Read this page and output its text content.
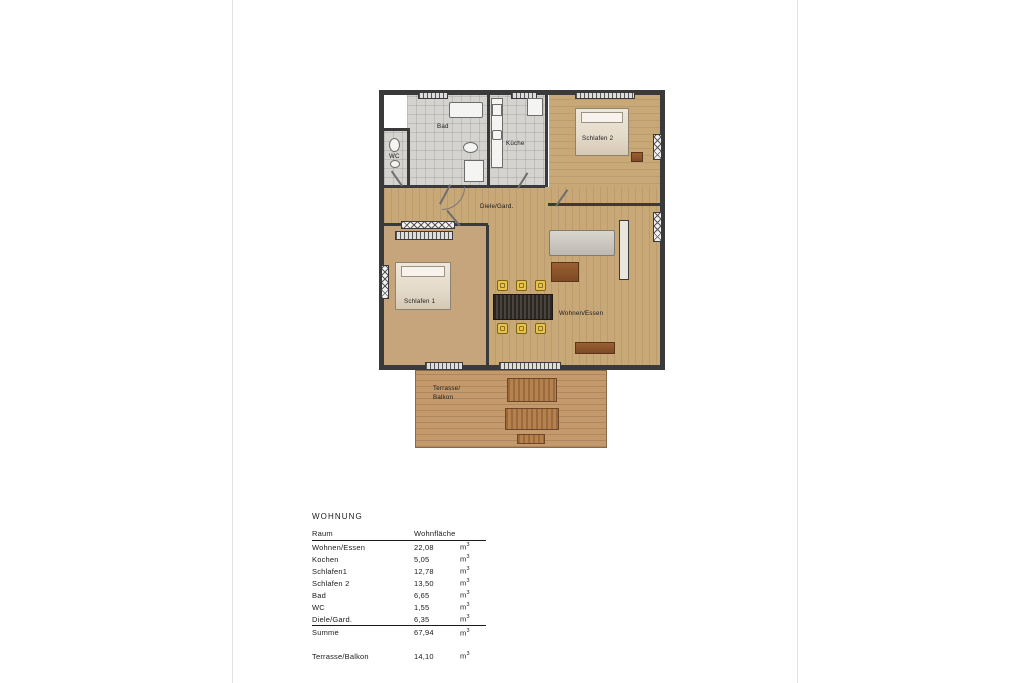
Bad
WC
Küche
Schlafen 2
Diele/Gard.
Schlafen 1
Wohnen/Essen
Terrasse/
Balkon
WOHNUNG
Raum	Wohnfläche	
Wohnen/Essen	22,08	$m^3$
Kochen	5,05	$m^3$
Schlafen1	12,78	$m^3$
Schlafen 2	13,50	$m^3$
Bad	6,65	$m^3$
WC	1,55	$m^3$
Diele/Gard.	6,35	$m^3$
Summe	67,94	$m^3$

Terrasse/Balkon	14,10	$m^3$
